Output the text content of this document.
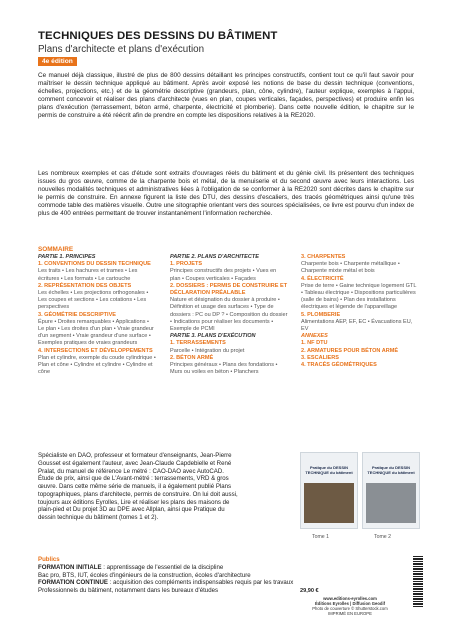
TECHNIQUES DES DESSINS DU BÂTIMENT
Plans d'architecte et plans d'exécution
4e édition
Ce manuel déjà classique, illustré de plus de 800 dessins détaillant les principes constructifs, contient tout ce qu'il faut savoir pour maîtriser le dessin technique appliqué au bâtiment. Après avoir exposé les notions de base du dessin technique (conventions, échelles, projections, etc.) et de la géométrie descriptive (grandeurs, plan, cône, cylindre), l'auteur explique, exemples à l'appui, comment concevoir et réaliser des plans d'architecte (vues en plan, coupes verticales, façades, perspectives) et produire enfin les plans d'exécution (terrassement, béton armé, charpente, électricité et plomberie). Dans cette nouvelle édition, le chapitre sur le permis de construire a été réécrit afin de prendre en compte les dispositions relatives à la RE2020.
Les nombreux exemples et cas d'étude sont extraits d'ouvrages réels du bâtiment et du génie civil. Ils présentent des techniques issues du gros œuvre, comme de la charpente bois et métal, de la menuiserie et du second œuvre avec leurs interactions. Les nouvelles modalités techniques et administratives liées à l'obligation de se conformer à la RE2020 sont décrites dans le chapitre sur le permis de construire. En annexe figurent la liste des DTU, des dessins d'escaliers, des tracés géométriques ainsi qu'une très commode table des matières visuelle. Outre une sitographie orientant vers des sources spécialisées, ce livre est pourvu d'un index de plus de 400 entrées permettant de trouver instantanément l'information recherchée.
SOMMAIRE
PARTIE 1. PRINCIPES
1. CONVENTIONS DU DESSIN TECHNIQUE
Les traits • Les hachures et trames • Les écritures • Les formats • Le cartouche
2. REPRÉSENTATION DES OBJETS
Les échelles • Les projections orthogonales • Les coupes et sections • Les cotations • Les perspectives
3. GÉOMÉTRIE DESCRIPTIVE
Épure • Droites remarquables • Applications • Le plan • Les droites d'un plan • Vraie grandeur d'un segment • Vraie grandeur d'une surface • Exemples pratiques de vraies grandeurs
4. INTERSECTIONS ET DÉVELOPPEMENTS
Plan et cylindre, exemple du coude cylindrique • Plan et cône • Cylindre et cylindre • Cylindre et cône
PARTIE 2. PLANS D'ARCHITECTE
1. PROJETS
Principes constructifs des projets • Vues en plan • Coupes verticales • Façades
2. DOSSIERS : PERMIS DE CONSTRUIRE ET DÉCLARATION PRÉALABLE
Nature et désignation du dossier à produire • Définition et usage des surfaces • Type de dossiers : PC ou DP ? • Composition du dossier • Indications pour réaliser les documents • Exemple de PCMI
PARTIE 3. PLANS D'EXÉCUTION
1. TERRASSEMENTS
Parcelle • Intégration du projet
2. BÉTON ARMÉ
Principes généraux • Plans des fondations • Murs ou voiles en béton • Planchers
3. CHARPENTES
Charpente bois • Charpente métallique • Charpente mixte métal et bois
4. ÉLECTRICITÉ
Prise de terre • Gaine technique logement GTL • Tableau électrique • Dispositions particulières (salle de bains) • Plan des installations électriques et légende de l'appareillage
5. PLOMBERIE
Alimentations AEP, EF, EC • Évacuations EU, EV
ANNEXES
1. NF DTU
2. ARMATURES POUR BÉTON ARMÉ
3. ESCALIERS
4. TRACÉS GÉOMÉTRIQUES
Spécialiste en DAO, professeur et formateur d'enseignants, Jean-Pierre Gousset est également l'auteur, avec Jean-Claude Capdebielle et René Pralat, du manuel de référence Le métré : CAO-DAO avec AutoCAD. Étude de prix, ainsi que de L'Avant-métré : terrassements, VRD & gros œuvre. Dans cette même série de manuels, il a également publié Plans topographiques, plans d'architecte, permis de construire. On lui doit aussi, toujours aux éditions Eyrolles, Lire et réaliser les plans des maisons de plain-pied et Du projet 3D au DPE avec Allplan, ainsi que Pratique du dessin technique du bâtiment (tomes 1 et 2).
Pratique du DESSIN TECHNIQUE du bâtiment
Pratique du DESSIN TECHNIQUE du bâtiment
Tome 1	Tome 2
Publics
FORMATION INITIALE : apprentissage de l'essentiel de la discipline
Bac pro, BTS, IUT, écoles d'ingénieurs de la construction, écoles d'architecture
FORMATION CONTINUE : acquisition des compléments indispensables requis par les travaux
Professionnels du bâtiment, notamment dans les bureaux d'études	29,90 €
www.editions-eyrolles.com
Éditions Eyrolles | Diffusion Geodif
Photo de couverture © Shutterstock.com
IMPRIMÉ EN EUROPE
